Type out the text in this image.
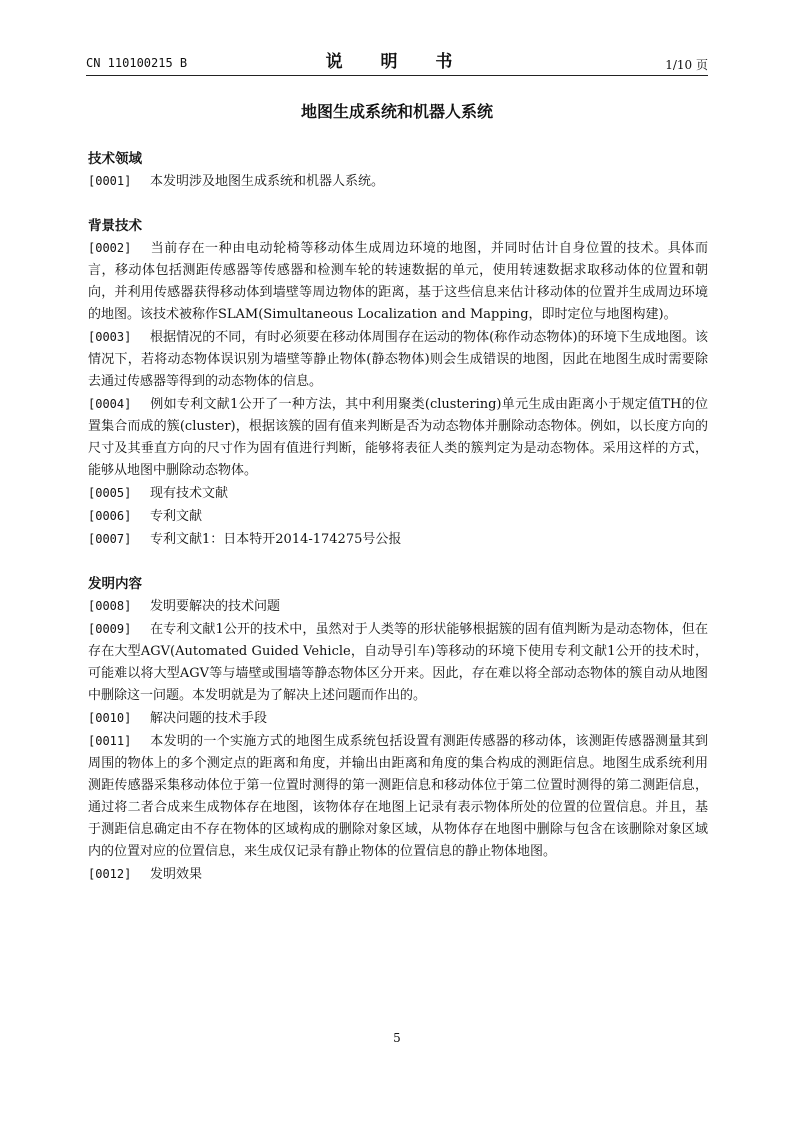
CN 110100215 B	说 明 书	1/10 页
地图生成系统和机器人系统

技术领域

[0001] 本发明涉及地图生成系统和机器人系统。

背景技术

[0002] 当前存在一种由电动轮椅等移动体生成周边环境的地图，并同时估计自身位置的技术。具体而言，移动体包括测距传感器等传感器和检测车轮的转速数据的单元，使用转速数据求取移动体的位置和朝向，并利用传感器获得移动体到墙壁等周边物体的距离，基于这些信息来估计移动体的位置并生成周边环境的地图。该技术被称作SLAM(Simultaneous Localization and Mapping，即时定位与地图构建)。

[0003] 根据情况的不同，有时必须要在移动体周围存在运动的物体(称作动态物体)的环境下生成地图。该情况下，若将动态物体误识别为墙壁等静止物体(静态物体)则会生成错误的地图，因此在地图生成时需要除去通过传感器等得到的动态物体的信息。

[0004] 例如专利文献1公开了一种方法，其中利用聚类(clustering)单元生成由距离小于规定值TH的位置集合而成的簇(cluster)，根据该簇的固有值来判断是否为动态物体并删除动态物体。例如，以长度方向的尺寸及其垂直方向的尺寸作为固有值进行判断，能够将表征人类的簇判定为是动态物体。采用这样的方式，能够从地图中删除动态物体。

[0005] 现有技术文献

[0006] 专利文献

[0007] 专利文献1：日本特开2014-174275号公报

发明内容

[0008] 发明要解决的技术问题

[0009] 在专利文献1公开的技术中，虽然对于人类等的形状能够根据簇的固有值判断为是动态物体，但在存在大型AGV(Automated Guided Vehicle，自动导引车)等移动的环境下使用专利文献1公开的技术时，可能难以将大型AGV等与墙壁或围墙等静态物体区分开来。因此，存在难以将全部动态物体的簇自动从地图中删除这一问题。本发明就是为了解决上述问题而作出的。

[0010] 解决问题的技术手段

[0011] 本发明的一个实施方式的地图生成系统包括设置有测距传感器的移动体，该测距传感器测量其到周围的物体上的多个测定点的距离和角度，并输出由距离和角度的集合构成的测距信息。地图生成系统利用测距传感器采集移动体位于第一位置时测得的第一测距信息和移动体位于第二位置时测得的第二测距信息，通过将二者合成来生成物体存在地图，该物体存在地图上记录有表示物体所处的位置的位置信息。并且，基于测距信息确定由不存在物体的区域构成的删除对象区域，从物体存在地图中删除与包含在该删除对象区域内的位置对应的位置信息，来生成仅记录有静止物体的位置信息的静止物体地图。

[0012] 发明效果

5
